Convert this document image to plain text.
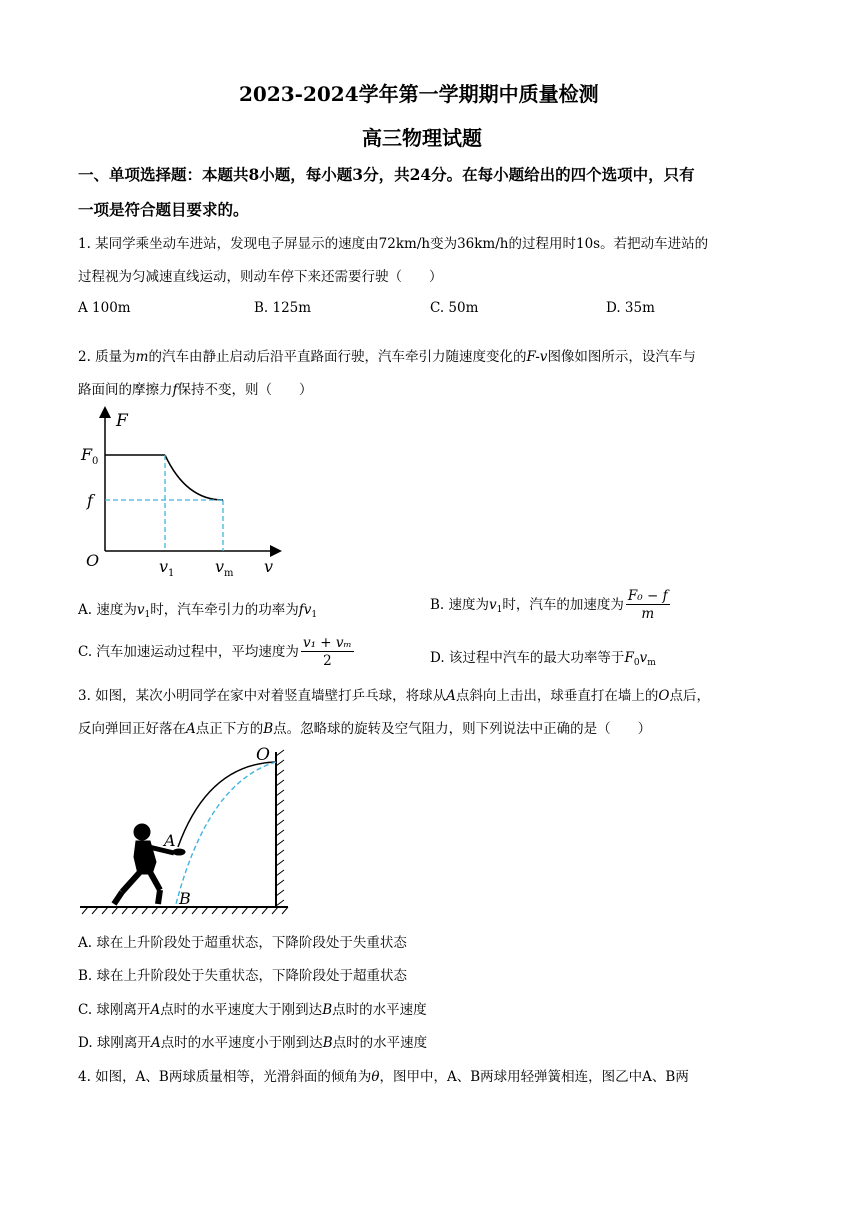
2023-2024学年第一学期期中质量检测
高三物理试题
一、单项选择题：本题共8小题，每小题3分，共24分。在每小题给出的四个选项中，只有
一项是符合题目要求的。
1. 某同学乘坐动车进站，发现电子屏显示的速度由72km/h变为36km/h的过程用时10s。若把动车进站的
过程视为匀减速直线运动，则动车停下来还需要行驶（　　）
A 100m	B. 125m	C. 50m	D. 35m
2. 质量为m的汽车由静止启动后沿平直路面行驶，汽车牵引力随速度变化的F-v图像如图所示，设汽车与
路面间的摩擦力f保持不变，则（　　）
F
v
O
F 0
f
v 1	v m
A. 速度为$v_1$时，汽车牵引力的功率为$fv_1$
B. 速度为$v_1$时，汽车的加速度为 $\frac{\text{F₀ − f}}{m}$
C. 汽车加速运动过程中，平均速度为 $\frac{\text{v₁ + vₘ}}{2}$	D. 该过程中汽车的最大功率等于$F_0v_m$
3. 如图，某次小明同学在家中对着竖直墙壁打乒乓球，将球从A点斜向上击出，球垂直打在墙上的O点后，
反向弹回正好落在A点正下方的B点。忽略球的旋转及空气阻力，则下列说法中正确的是（　　）
O
A
B
A. 球在上升阶段处于超重状态，下降阶段处于失重状态
B. 球在上升阶段处于失重状态，下降阶段处于超重状态
C. 球刚离开A点时的水平速度大于刚到达B点时的水平速度
D. 球刚离开A点时的水平速度小于刚到达B点时的水平速度
4. 如图，A、B两球质量相等，光滑斜面的倾角为θ，图甲中，A、B两球用轻弹簧相连，图乙中A、B两
